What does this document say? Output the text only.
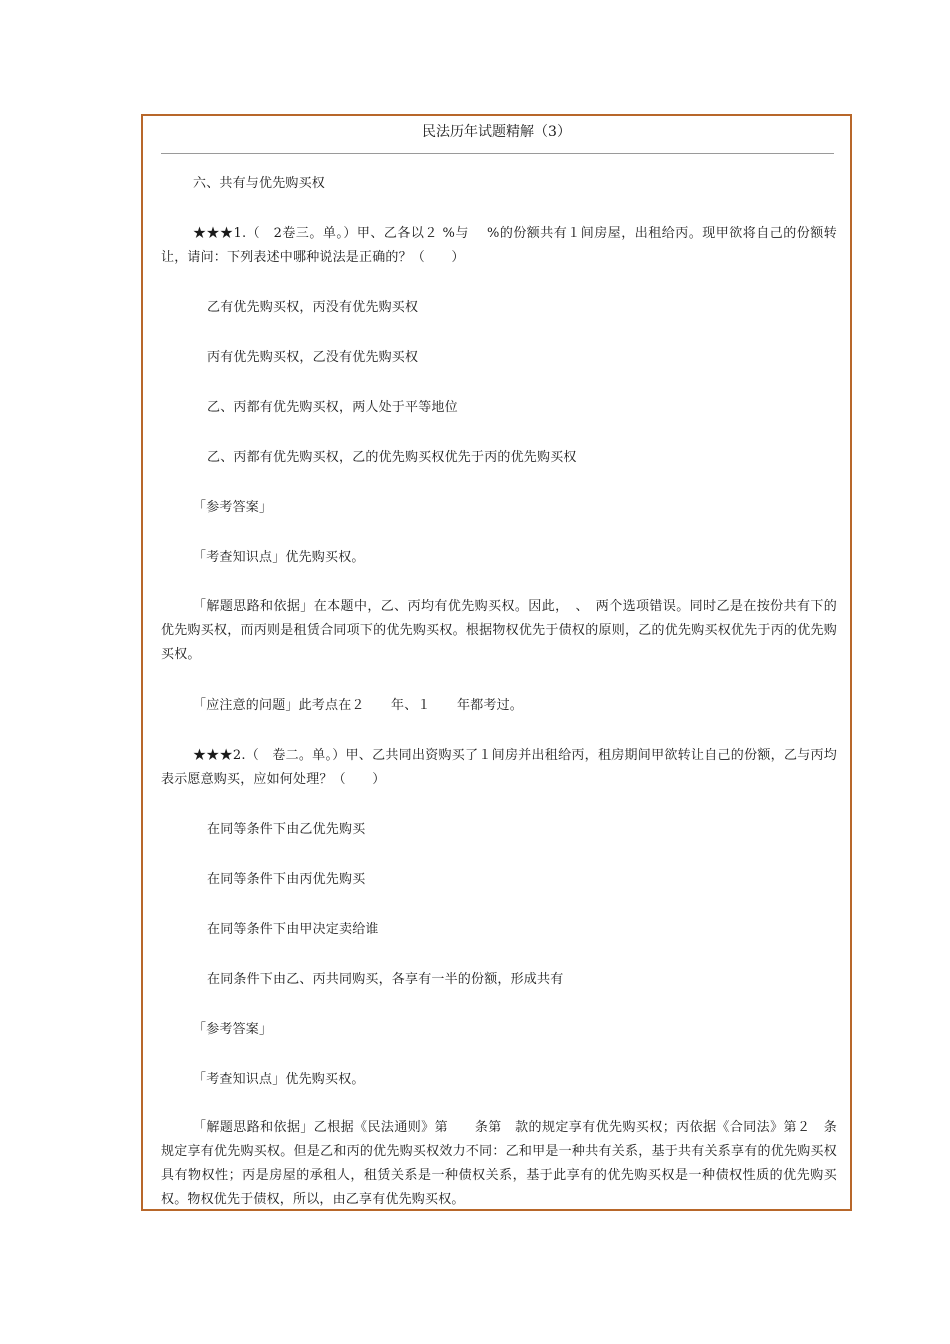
民法历年试题精解（3）
六、共有与优先购买权
★★★1.（　2卷三。单。）甲、乙各以２ %与　 %的份额共有１间房屋，出租给丙。现甲欲将自己的份额转让，请问：下列表述中哪种说法是正确的？（　　）
乙有优先购买权，丙没有优先购买权
丙有优先购买权，乙没有优先购买权
乙、丙都有优先购买权，两人处于平等地位
乙、丙都有优先购买权，乙的优先购买权优先于丙的优先购买权
「参考答案」
「考查知识点」优先购买权。
「解题思路和依据」在本题中，乙、丙均有优先购买权。因此，　、　两个选项错误。同时乙是在按份共有下的优先购买权，而丙则是租赁合同项下的优先购买权。根据物权优先于债权的原则，乙的优先购买权优先于丙的优先购买权。
「应注意的问题」此考点在２　　年、１　　年都考过。
★★★2.（　卷二。单。）甲、乙共同出资购买了１间房并出租给丙，租房期间甲欲转让自己的份额，乙与丙均表示愿意购买，应如何处理？（　　）
在同等条件下由乙优先购买
在同等条件下由丙优先购买
在同等条件下由甲决定卖给谁
在同条件下由乙、丙共同购买，各享有一半的份额，形成共有
「参考答案」
「考查知识点」优先购买权。
「解题思路和依据」乙根据《民法通则》第　　条第　款的规定享有优先购买权；丙依据《合同法》第２　条规定享有优先购买权。但是乙和丙的优先购买权效力不同：乙和甲是一种共有关系，基于共有关系享有的优先购买权具有物权性；丙是房屋的承租人，租赁关系是一种债权关系，基于此享有的优先购买权是一种债权性质的优先购买权。物权优先于债权，所以，由乙享有优先购买权。
